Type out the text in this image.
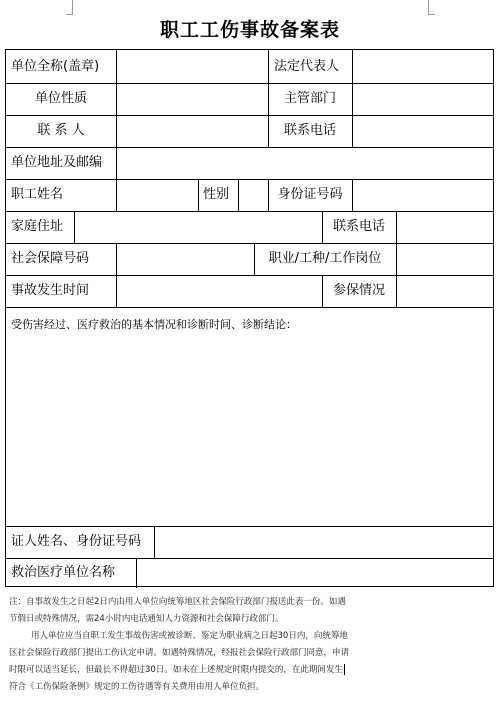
职工工伤事故备案表
单位全称(盖章)	法定代表人
单位性质	主管部门
联 系 人	联系电话
单位地址及邮编
职工姓名	性别	身份证号码
家庭住址	联系电话
社会保障号码	职业/工种/工作岗位
事故发生时间	参保情况
受伤害经过、医疗救治的基本情况和诊断时间、诊断结论：
证人姓名、身份证号码
救治医疗单位名称

注：自事故发生之日起2日内由用人单位向统筹地区社会保险行政部门报送此表一份。如遇

节假日或特殊情况，需24小时内电话通知人力资源和社会保障行政部门。

用人单位应当自职工发生事故伤害或被诊断、鉴定为职业病之日起30日内，向统筹地

区社会保险行政部门提出工伤认定申请。如遇特殊情况，经报社会保险行政部门同意，申请

时限可以适当延长，但最长不得超过30日。如未在上述规定时限内提交的，在此期间发生

符合《工伤保险条例》规定的工伤待遇等有关费用由用人单位负担。
